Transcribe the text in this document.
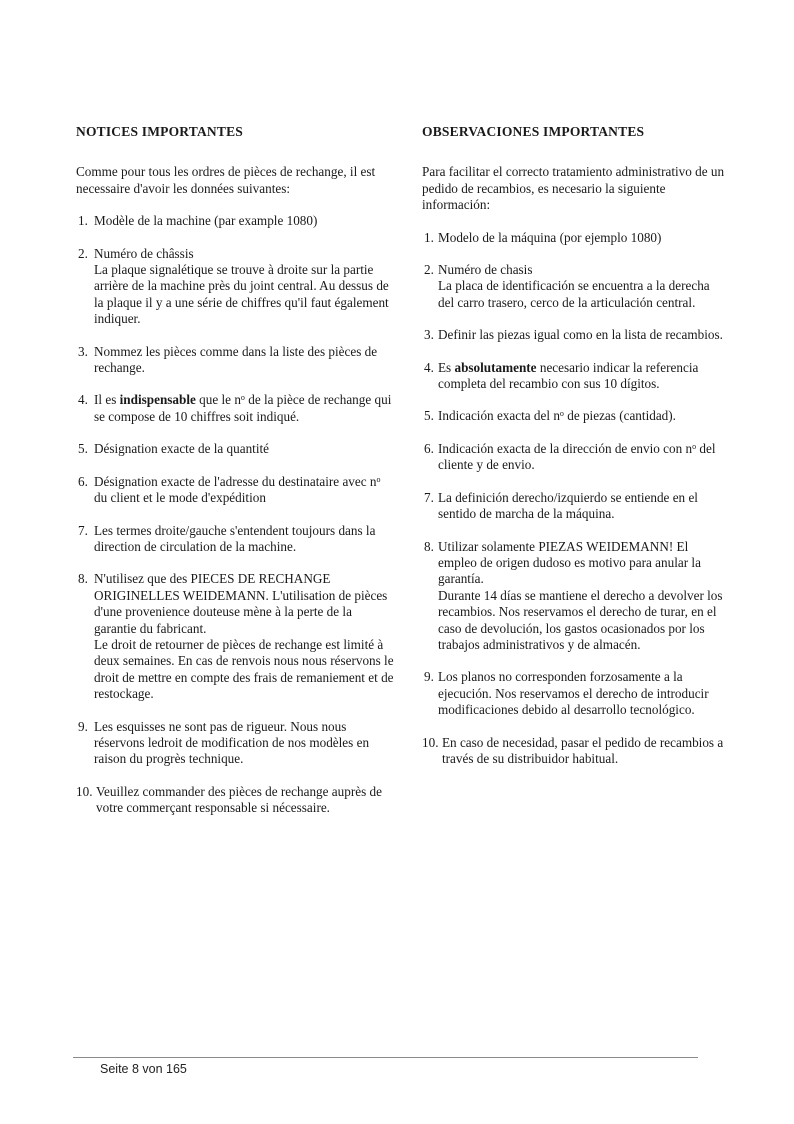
NOTICES IMPORTANTES

Comme pour tous les ordres de pièces de rechange, il est necessaire d'avoir les données suivantes:

1. Modèle de la machine (par example 1080)
2. Numéro de châssis
La plaque signalétique se trouve à droite sur la partie arrière de la machine près du joint central. Au dessus de la plaque il y a une série de chiffres qu'il faut également indiquer.
3. Nommez les pièces comme dans la liste des pièces de rechange.
4. Il es indispensable que le $n^o$ de la pièce de rechange qui se compose de 10 chiffres soit indiqué.
5. Désignation exacte de la quantité
6. Désignation exacte de l'adresse du destinataire avec $n^o$ du client et le mode d'expédition
7. Les termes droite/gauche s'entendent toujours dans la direction de circulation de la machine.
8. N'utilisez que des PIECES DE RECHANGE ORIGINELLES WEIDEMANN. L'utilisation de pièces d'une provenience douteuse mène à la perte de la garantie du fabricant.
Le droit de retourner de pièces de rechange est limité à deux semaines. En cas de renvois nous nous réservons le droit de mettre en compte des frais de remaniement et de restockage.
9. Les esquisses ne sont pas de rigueur. Nous nous réservons ledroit de modification de nos modèles en raison du progrès technique.
10. Veuillez commander des pièces de rechange auprès de votre commerçant responsable si nécessaire.
OBSERVACIONES IMPORTANTES

Para facilitar el correcto tratamiento administrativo de un pedido de recambios, es necesario la siguiente información:

1. Modelo de la máquina (por ejemplo 1080)
2. Numéro de chasis
La placa de identificación se encuentra a la derecha del carro trasero, cerco de la articulación central.
3. Definir las piezas igual como en la lista de recambios.
4. Es absolutamente necesario indicar la referencia completa del recambio con sus 10 dígitos.
5. Indicación exacta del $n^o$ de piezas (cantidad).
6. Indicación exacta de la dirección de envio con $n^o$ del cliente y de envio.
7. La definición derecho/izquierdo se entiende en el sentido de marcha de la máquina.
8. Utilizar solamente PIEZAS WEIDEMANN! El empleo de origen dudoso es motivo para anular la garantía.
Durante 14 días se mantiene el derecho a devolver los recambios. Nos reservamos el derecho de turar, en el caso de devolución, los gastos ocasionados por los trabajos administrativos y de almacén.
9. Los planos no corresponden forzosamente a la ejecución. Nos reservamos el derecho de introducir modificaciones debido al desarrollo tecnológico.
10. En caso de necesidad, pasar el pedido de recambios a través de su distribuidor habitual.
Seite 8 von 165
